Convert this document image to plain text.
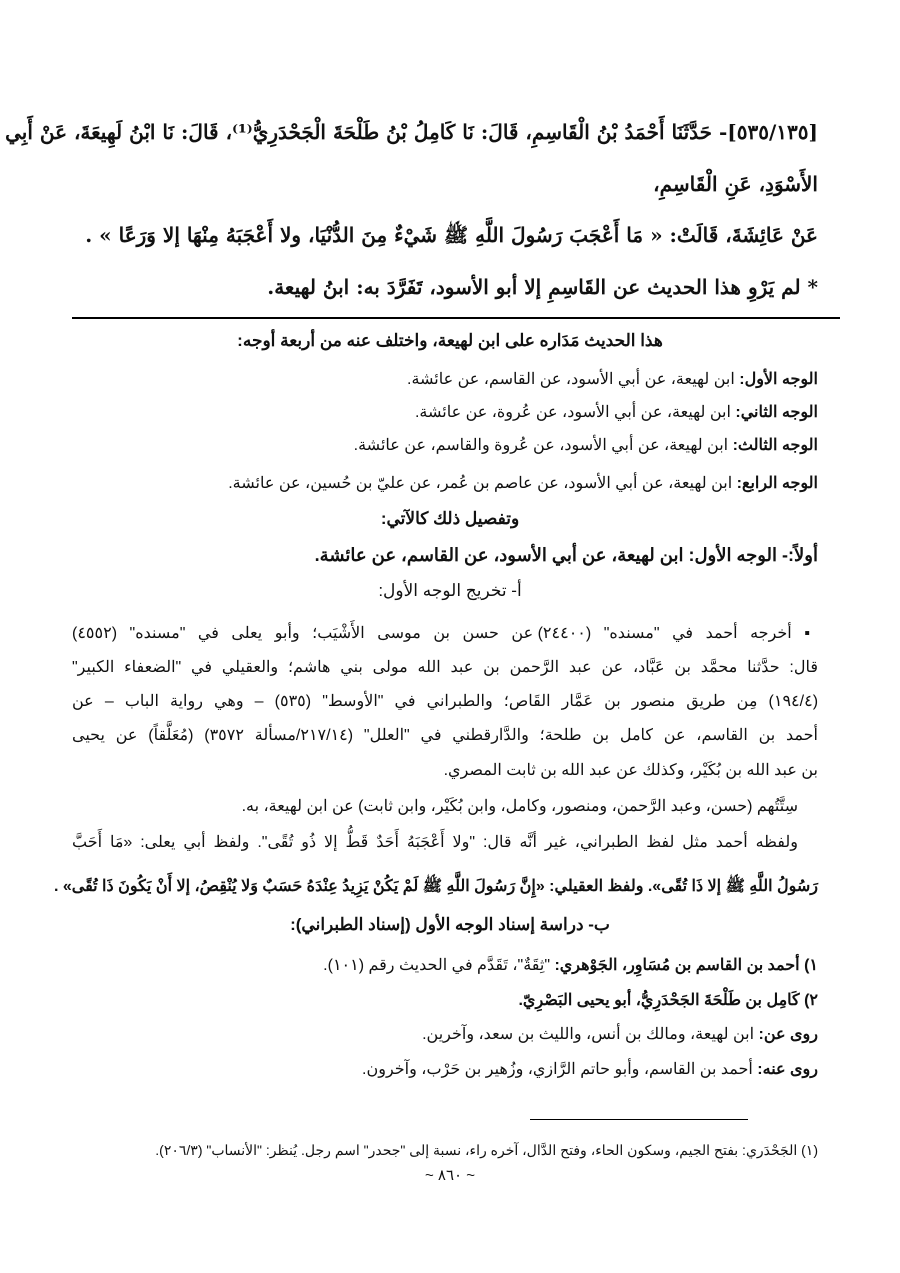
[٥٣٥/١٣٥]- حَدَّثَنَا أَحْمَدُ بْنُ الْقَاسِمِ، قَالَ: نَا كَامِلُ بْنُ طَلْحَةَ الْجَحْدَرِيُّ⁽¹⁾، قَالَ: نَا ابْنُ لَهِيعَةَ، عَنْ أَبِي
الأَسْوَدِ، عَنِ الْقَاسِمِ،
عَنْ عَائِشَةَ، قَالَتْ: « مَا أَعْجَبَ رَسُولَ اللَّهِ ﷺ شَيْءٌ مِنَ الدُّنْيَا، ولا أَعْجَبَهُ مِنْهَا إلا وَرَعًا » .
* لم يَرْوِ هذا الحديث عن القَاسِمِ إلا أبو الأسود، تَفَرَّدَ به: ابنُ لهيعة.
هذا الحديث مَدَاره على ابن لهيعة، واختلف عنه من أربعة أوجه:
الوجه الأول: ابن لهيعة، عن أبي الأسود، عن القاسم، عن عائشة.
الوجه الثاني: ابن لهيعة، عن أبي الأسود، عن عُروة، عن عائشة.
الوجه الثالث: ابن لهيعة، عن أبي الأسود، عن عُروة والقاسم، عن عائشة.
الوجه الرابع: ابن لهيعة، عن أبي الأسود، عن عاصم بن عُمر، عن عليّ بن حُسين، عن عائشة.
وتفصيل ذلك كالآتي:
أولاً:- الوجه الأول: ابن لهيعة، عن أبي الأسود، عن القاسم، عن عائشة.
أ- تخريج الوجه الأول:
▪ أخرجه أحمد في "مسنده" (٢٤٤٠٠) عن حسن بن موسى الأَشْيَب؛ وأبو يعلى في "مسنده" (٤٥٥٢)
قال: حدَّثنا محمَّد بن عَبَّاد، عن عبد الرَّحمن بن عبد الله مولى بني هاشم؛ والعقيلي في "الضعفاء الكبير"
(١٩٤/٤) مِن طريق منصور بن عَمَّار القَاص؛ والطبراني في "الأوسط" (٥٣٥) – وهي رواية الباب – عن
أحمد بن القاسم، عن كامل بن طلحة؛ والدَّارقطني في "العلل" (٢١٧/١٤/مسألة ٣٥٧٢) (مُعَلَّقاً) عن يحيى
بن عبد الله بن بُكَيْر، وكذلك عن عبد الله بن ثابت المصري.
سِتَّتُهم (حسن، وعبد الرَّحمن، ومنصور، وكامل، وابن بُكَيْر، وابن ثابت) عن ابن لهيعة، به.
ولفظه أحمد مثل لفظ الطبراني، غير أنَّه قال: "ولا أَعْجَبَهُ أَحَدٌ قَطُّ إلا ذُو تُقًى". ولفظ أبي يعلى: «مَا أَحَبَّ
رَسُولُ اللَّهِ ﷺ إلا ذَا تُقًى». ولفظ العقيلي: «إِنَّ رَسُولَ اللَّهِ ﷺ لَمْ يَكُنْ يَزِيدُ عِنْدَهُ حَسَبٌ وَلا يُنْقِصُ، إلا أَنْ يَكُونَ ذَا تُقًى» .
ب- دراسة إسناد الوجه الأول (إسناد الطبراني):
١) أحمد بن القاسم بن مُسَاوِر، الجَوْهري: "ثِقَةٌ"، تَقَدَّم في الحديث رقم (١٠١).
٢) كَامِل بن طَلْحَةَ الجَحْدَرِيُّ، أبو يحيى البَصْرِيّ.
روى عن: ابن لهيعة، ومالك بن أنس، والليث بن سعد، وآخرين.
روى عنه: أحمد بن القاسم، وأبو حاتم الرَّازي، وزُهير بن حَرْب، وآخرون.
(١) الجَحْدَري: بفتح الجيم، وسكون الحاء، وفتح الدَّال، آخره راء، نسبة إلى "جحدر" اسم رجل. يُنظر: "الأنساب" (٢٠٦/٣).
~ ٨٦٠ ~
